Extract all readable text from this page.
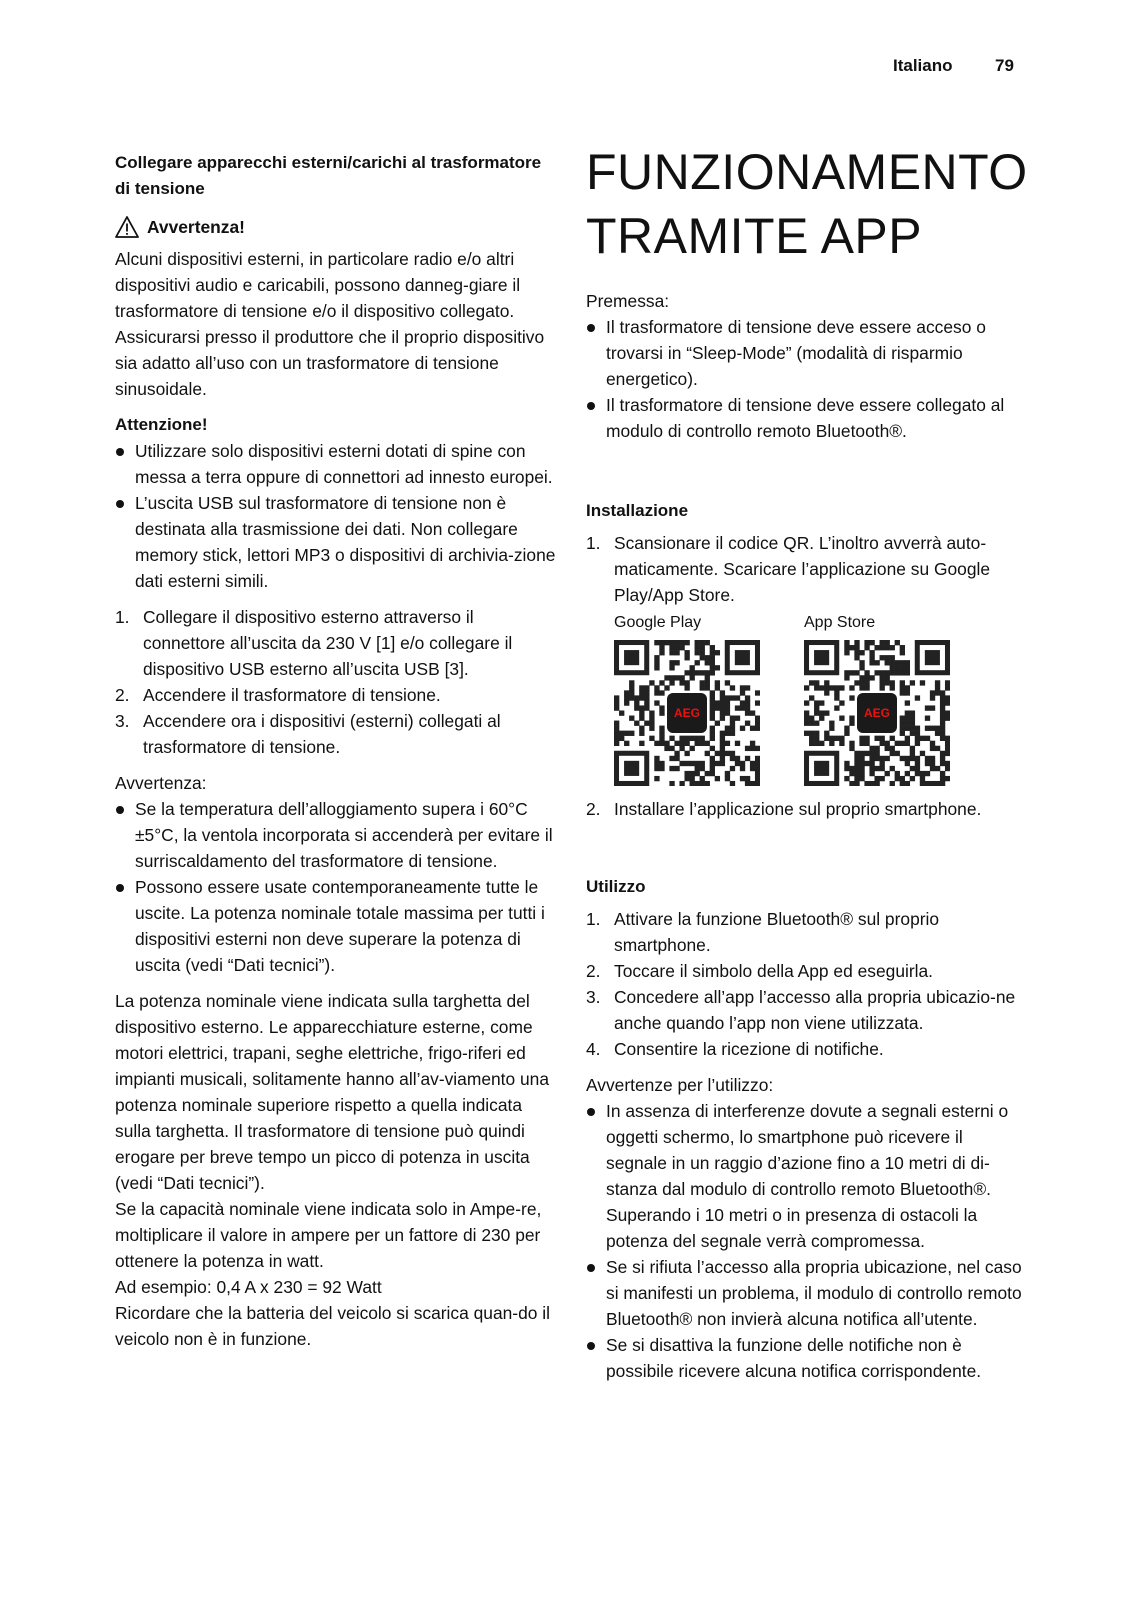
Italiano 79

Collegare apparecchi esterni/carichi al trasformatore di tensione

Avvertenza!

Alcuni dispositivi esterni, in particolare radio e/o altri dispositivi audio e caricabili, possono danneg-giare il trasformatore di tensione e/o il dispositivo collegato.

Assicurarsi presso il produttore che il proprio dispositivo sia adatto all’uso con un trasformatore di tensione sinusoidale.

Attenzione!

Utilizzare solo dispositivi esterni dotati di spine con messa a terra oppure di connettori ad innesto europei.
L’uscita USB sul trasformatore di tensione non è destinata alla trasmissione dei dati. Non collegare memory stick, lettori MP3 o dispositivi di archivia-zione dati esterni simili.
1. Collegare il dispositivo esterno attraverso il connettore all’uscita da 230 V [1] e/o collegare il dispositivo USB esterno all’uscita USB [3].
2. Accendere il trasformatore di tensione.
3. Accendere ora i dispositivi (esterni) collegati al trasformatore di tensione.

Avvertenza:

Se la temperatura dell’alloggiamento supera i 60°C ±5°C, la ventola incorporata si accenderà per evitare il surriscaldamento del trasformatore di tensione.
Possono essere usate contemporaneamente tutte le uscite. La potenza nominale totale massima per tutti i dispositivi esterni non deve superare la potenza di uscita (vedi “Dati tecnici”).

La potenza nominale viene indicata sulla targhetta del dispositivo esterno. Le apparecchiature esterne, come motori elettrici, trapani, seghe elettriche, frigo-riferi ed impianti musicali, solitamente hanno all’av-viamento una potenza nominale superiore rispetto a quella indicata sulla targhetta. Il trasformatore di tensione può quindi erogare per breve tempo un picco di potenza in uscita (vedi “Dati tecnici”).

Se la capacità nominale viene indicata solo in Ampe-re, moltiplicare il valore in ampere per un fattore di 230 per ottenere la potenza in watt.

Ad esempio: 0,4 A x 230 = 92 Watt

Ricordare che la batteria del veicolo si scarica quan-do il veicolo non è in funzione.

FUNZIONAMENTO
TRAMITE APP

Premessa:

Il trasformatore di tensione deve essere acceso o trovarsi in “Sleep-Mode” (modalità di risparmio energetico).
Il trasformatore di tensione deve essere collegato al modulo di controllo remoto Bluetooth®.

Installazione

1. Scansionare il codice QR. L’inoltro avverrà auto-maticamente. Scaricare l’applicazione su Google Play/App Store.
Google Play
AEG
App Store
AEG
2. Installare l’applicazione sul proprio smartphone.

Utilizzo

1. Attivare la funzione Bluetooth® sul proprio smartphone.
2. Toccare il simbolo della App ed eseguirla.
3. Concedere all’app l’accesso alla propria ubicazio-ne anche quando l’app non viene utilizzata.
4. Consentire la ricezione di notifiche.

Avvertenze per l’utilizzo:

In assenza di interferenze dovute a segnali esterni o oggetti schermo, lo smartphone può ricevere il segnale in un raggio d’azione fino a 10 metri di di-stanza dal modulo di controllo remoto Bluetooth®. Superando i 10 metri o in presenza di ostacoli la potenza del segnale verrà compromessa.
Se si rifiuta l’accesso alla propria ubicazione, nel caso si manifesti un problema, il modulo di controllo remoto Bluetooth® non invierà alcuna notifica all’utente.
Se si disattiva la funzione delle notifiche non è possibile ricevere alcuna notifica corrispondente.
